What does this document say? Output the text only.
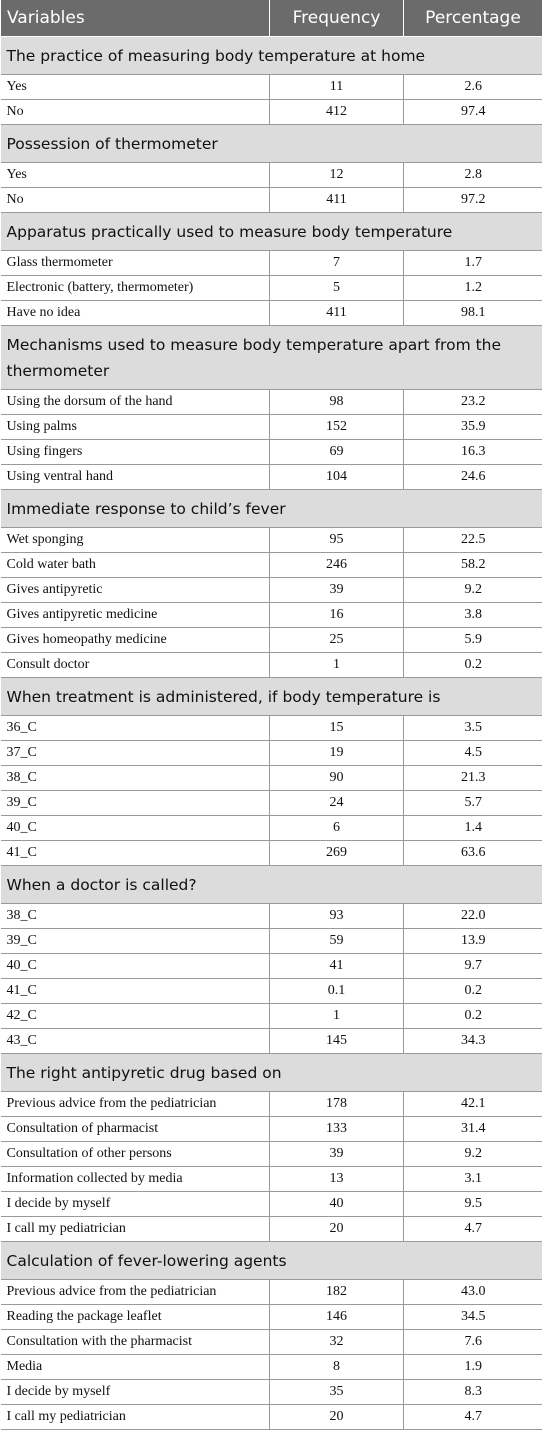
Variables	Frequency	Percentage
The practice of measuring body temperature at home		
Yes	11	2.6
No	412	97.4
Possession of thermometer		
Yes	12	2.8
No	411	97.2
Apparatus practically used to measure body temperature		
Glass thermometer	7	1.7
Electronic (battery, thermometer)	5	1.2
Have no idea	411	98.1
Mechanisms used to measure body temperature apart from the thermometer		
Using the dorsum of the hand	98	23.2
Using palms	152	35.9
Using fingers	69	16.3
Using ventral hand	104	24.6
Immediate response to child’s fever		
Wet sponging	95	22.5
Cold water bath	246	58.2
Gives antipyretic	39	9.2
Gives antipyretic medicine	16	3.8
Gives homeopathy medicine	25	5.9
Consult doctor	1	0.2
When treatment is administered, if body temperature is		
36_C	15	3.5
37_C	19	4.5
38_C	90	21.3
39_C	24	5.7
40_C	6	1.4
41_C	269	63.6
When a doctor is called?		
38_C	93	22.0
39_C	59	13.9
40_C	41	9.7
41_C	0.1	0.2
42_C	1	0.2
43_C	145	34.3
The right antipyretic drug based on		
Previous advice from the pediatrician	178	42.1
Consultation of pharmacist	133	31.4
Consultation of other persons	39	9.2
Information collected by media	13	3.1
I decide by myself	40	9.5
I call my pediatrician	20	4.7
Calculation of fever-lowering agents		
Previous advice from the pediatrician	182	43.0
Reading the package leaflet	146	34.5
Consultation with the pharmacist	32	7.6
Media	8	1.9
I decide by myself	35	8.3
I call my pediatrician	20	4.7
